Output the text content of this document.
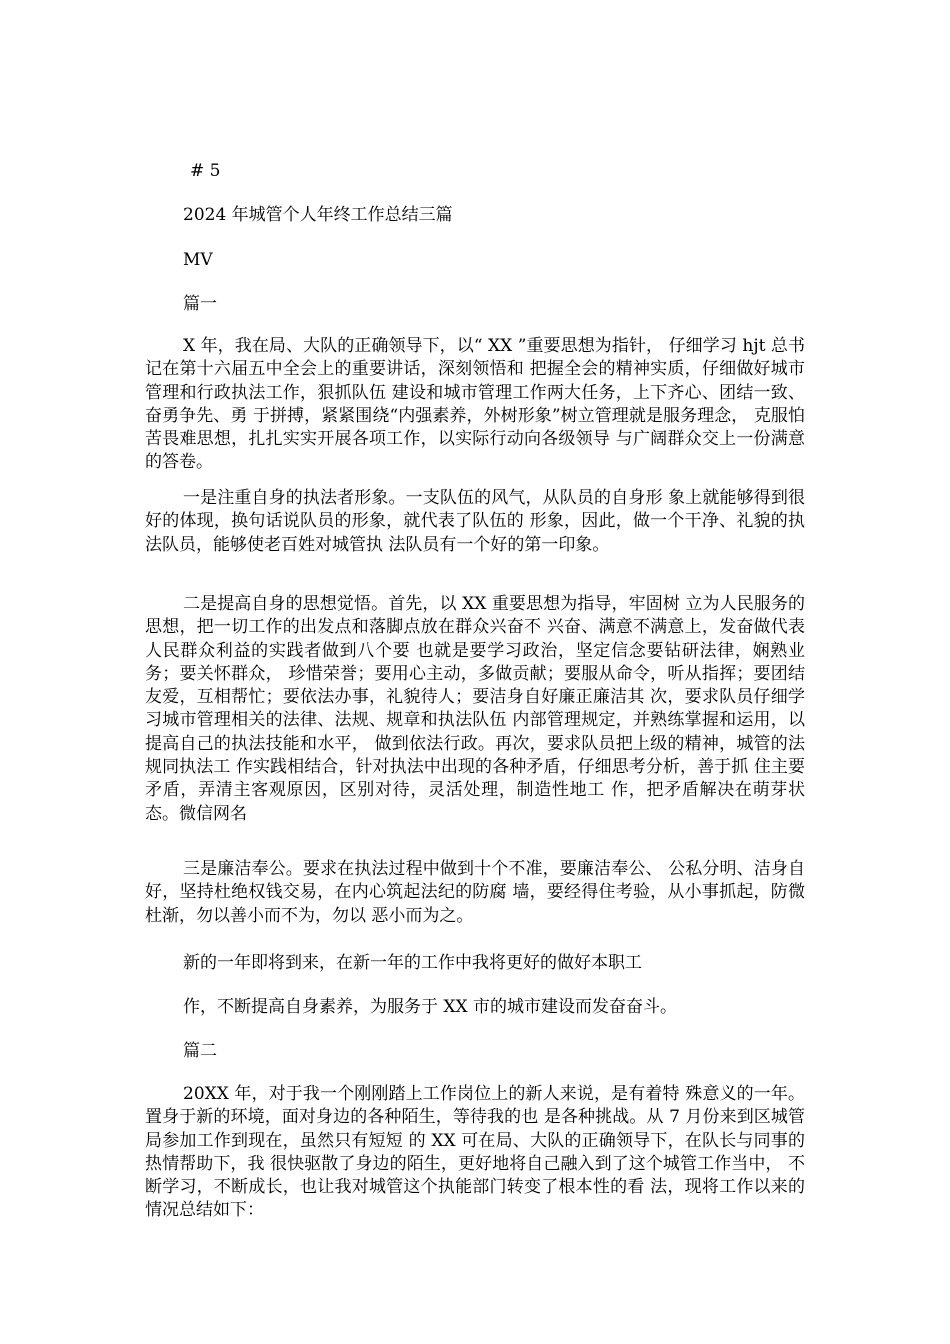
# 5
2024 年城管个人年终工作总结三篇
MV
篇一

X 年，我在局、大队的正确领导下，以“ XX ”重要思想为指针， 仔细学习 hjt 总书记在第十六届五中全会上的重要讲话，深刻领悟和 把握全会的精神实质，仔细做好城市管理和行政执法工作，狠抓队伍 建设和城市管理工作两大任务，上下齐心、团结一致、奋勇争先、勇 于拼搏，紧紧围绕“内强素养，外树形象”树立管理就是服务理念， 克服怕苦畏难思想，扎扎实实开展各项工作，以实际行动向各级领导 与广阔群众交上一份满意的答卷。

一是注重自身的执法者形象。一支队伍的风气，从队员的自身形 象上就能够得到很好的体现，换句话说队员的形象，就代表了队伍的 形象，因此，做一个干净、礼貌的执法队员，能够使老百姓对城管执 法队员有一个好的第一印象。

二是提高自身的思想觉悟。首先，以 XX 重要思想为指导，牢固树 立为人民服务的思想，把一切工作的出发点和落脚点放在群众兴奋不 兴奋、满意不满意上，发奋做代表人民群众利益的实践者做到八个要 也就是要学习政治，坚定信念要钻研法律，娴熟业务；要关怀群众， 珍惜荣誉；要用心主动，多做贡献；要服从命令，听从指挥；要团结 友爱，互相帮忙；要依法办事，礼貌待人；要洁身自好廉正廉洁其 次，要求队员仔细学习城市管理相关的法律、法规、规章和执法队伍 内部管理规定，并熟练掌握和运用，以提高自己的执法技能和水平， 做到依法行政。再次，要求队员把上级的精神，城管的法规同执法工 作实践相结合，针对执法中出现的各种矛盾，仔细思考分析，善于抓 住主要矛盾，弄清主客观原因，区别对待，灵活处理，制造性地工 作，把矛盾解决在萌芽状态。微信网名

三是廉洁奉公。要求在执法过程中做到十个不准，要廉洁奉公、 公私分明、洁身自好，坚持杜绝权钱交易，在内心筑起法纪的防腐 墙，要经得住考验，从小事抓起，防微杜渐，勿以善小而不为，勿以 恶小而为之。

新的一年即将到来，在新一年的工作中我将更好的做好本职工
作，不断提高自身素养，为服务于 XX 市的城市建设而发奋奋斗。
篇二

20XX 年，对于我一个刚刚踏上工作岗位上的新人来说，是有着特 殊意义的一年。置身于新的环境，面对身边的各种陌生，等待我的也 是各种挑战。从 7 月份来到区城管局参加工作到现在，虽然只有短短 的 XX 可在局、大队的正确领导下，在队长与同事的热情帮助下，我 很快驱散了身边的陌生，更好地将自己融入到了这个城管工作当中， 不断学习，不断成长，也让我对城管这个执能部门转变了根本性的看 法，现将工作以来的情况总结如下：
